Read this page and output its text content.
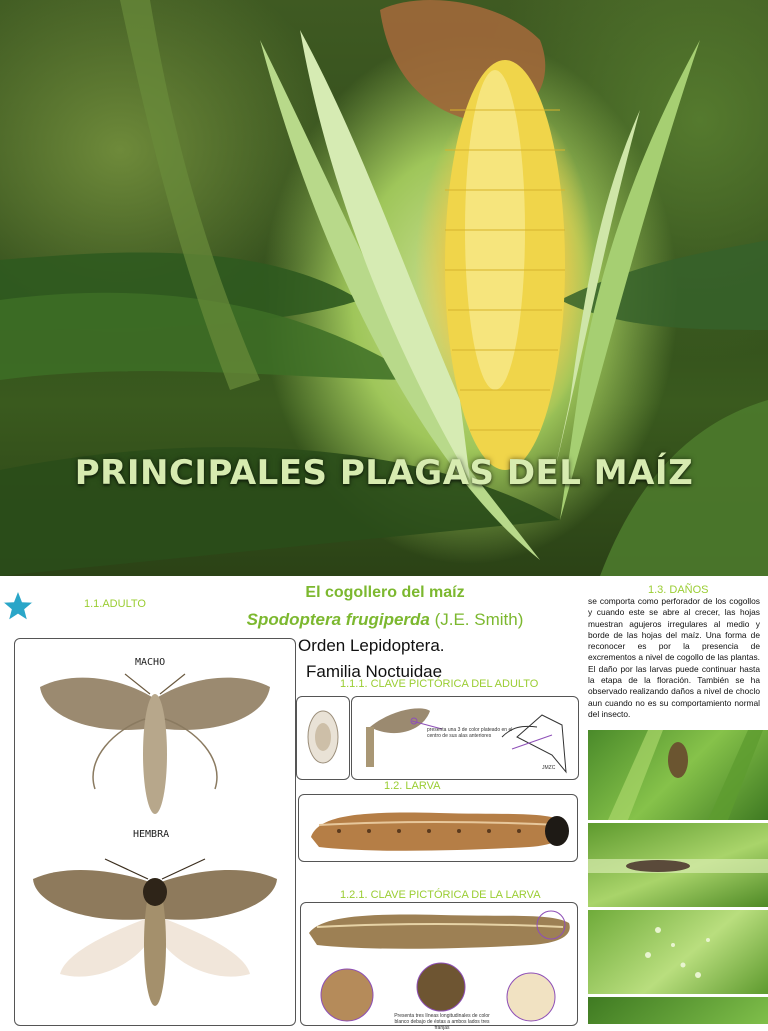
PRINCIPALES PLAGAS DEL MAÍZ
1.1.ADULTO
El cogollero del maíz
Spodoptera frugiperda (J.E. Smith)
Orden Lepidoptera.
Familia Noctuidae
MACHO
HEMBRA
1.1.1. CLAVE PICTÓRICA DEL ADULTO
presenta una 3 de color plateado en el centro de sus alas anteriores
JMZC
1.2. LARVA
1.2.1. CLAVE PICTÓRICA DE LA LARVA
Presenta tres líneas longitudinales de color blanco debajo de éstas a ambos lados tres franjas
1.3. DAÑOS
se comporta como perforador de los cogollos y cuando este se abre al crecer, las hojas muestran agujeros irregulares al medio y borde de las hojas del maíz. Una forma de reconocer es por la presencia de excrementos a nivel de cogollo de las plantas. El daño por las larvas puede continuar hasta la etapa de la floración. También se ha observado realizando daños a nivel de choclo aun cuando no es su comportamiento normal del insecto.
